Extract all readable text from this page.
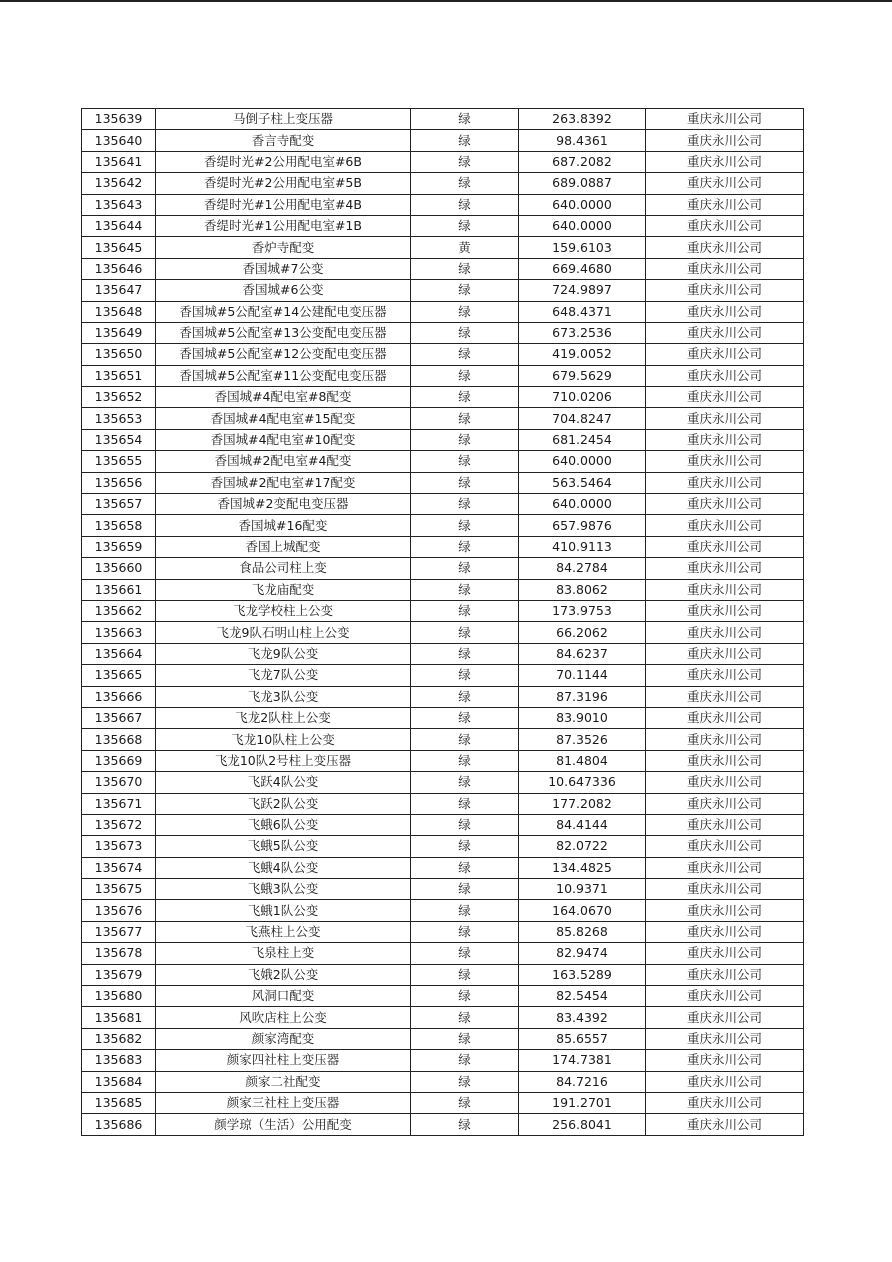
135639	马倒子柱上变压器	绿	263.8392	重庆永川公司
135640	香言寺配变	绿	98.4361	重庆永川公司
135641	香缇时光#2公用配电室#6B	绿	687.2082	重庆永川公司
135642	香缇时光#2公用配电室#5B	绿	689.0887	重庆永川公司
135643	香缇时光#1公用配电室#4B	绿	640.0000	重庆永川公司
135644	香缇时光#1公用配电室#1B	绿	640.0000	重庆永川公司
135645	香炉寺配变	黄	159.6103	重庆永川公司
135646	香国城#7公变	绿	669.4680	重庆永川公司
135647	香国城#6公变	绿	724.9897	重庆永川公司
135648	香国城#5公配室#14公建配电变压器	绿	648.4371	重庆永川公司
135649	香国城#5公配室#13公变配电变压器	绿	673.2536	重庆永川公司
135650	香国城#5公配室#12公变配电变压器	绿	419.0052	重庆永川公司
135651	香国城#5公配室#11公变配电变压器	绿	679.5629	重庆永川公司
135652	香国城#4配电室#8配变	绿	710.0206	重庆永川公司
135653	香国城#4配电室#15配变	绿	704.8247	重庆永川公司
135654	香国城#4配电室#10配变	绿	681.2454	重庆永川公司
135655	香国城#2配电室#4配变	绿	640.0000	重庆永川公司
135656	香国城#2配电室#17配变	绿	563.5464	重庆永川公司
135657	香国城#2变配电变压器	绿	640.0000	重庆永川公司
135658	香国城#16配变	绿	657.9876	重庆永川公司
135659	香国上城配变	绿	410.9113	重庆永川公司
135660	食品公司柱上变	绿	84.2784	重庆永川公司
135661	飞龙庙配变	绿	83.8062	重庆永川公司
135662	飞龙学校柱上公变	绿	173.9753	重庆永川公司
135663	飞龙9队石明山柱上公变	绿	66.2062	重庆永川公司
135664	飞龙9队公变	绿	84.6237	重庆永川公司
135665	飞龙7队公变	绿	70.1144	重庆永川公司
135666	飞龙3队公变	绿	87.3196	重庆永川公司
135667	飞龙2队柱上公变	绿	83.9010	重庆永川公司
135668	飞龙10队柱上公变	绿	87.3526	重庆永川公司
135669	飞龙10队2号柱上变压器	绿	81.4804	重庆永川公司
135670	飞跃4队公变	绿	10.647336	重庆永川公司
135671	飞跃2队公变	绿	177.2082	重庆永川公司
135672	飞蛾6队公变	绿	84.4144	重庆永川公司
135673	飞蛾5队公变	绿	82.0722	重庆永川公司
135674	飞蛾4队公变	绿	134.4825	重庆永川公司
135675	飞蛾3队公变	绿	10.9371	重庆永川公司
135676	飞蛾1队公变	绿	164.0670	重庆永川公司
135677	飞燕柱上公变	绿	85.8268	重庆永川公司
135678	飞泉柱上变	绿	82.9474	重庆永川公司
135679	飞娥2队公变	绿	163.5289	重庆永川公司
135680	风洞口配变	绿	82.5454	重庆永川公司
135681	风吹店柱上公变	绿	83.4392	重庆永川公司
135682	颜家湾配变	绿	85.6557	重庆永川公司
135683	颜家四社柱上变压器	绿	174.7381	重庆永川公司
135684	颜家二社配变	绿	84.7216	重庆永川公司
135685	颜家三社柱上变压器	绿	191.2701	重庆永川公司
135686	颜学琼（生活）公用配变	绿	256.8041	重庆永川公司
